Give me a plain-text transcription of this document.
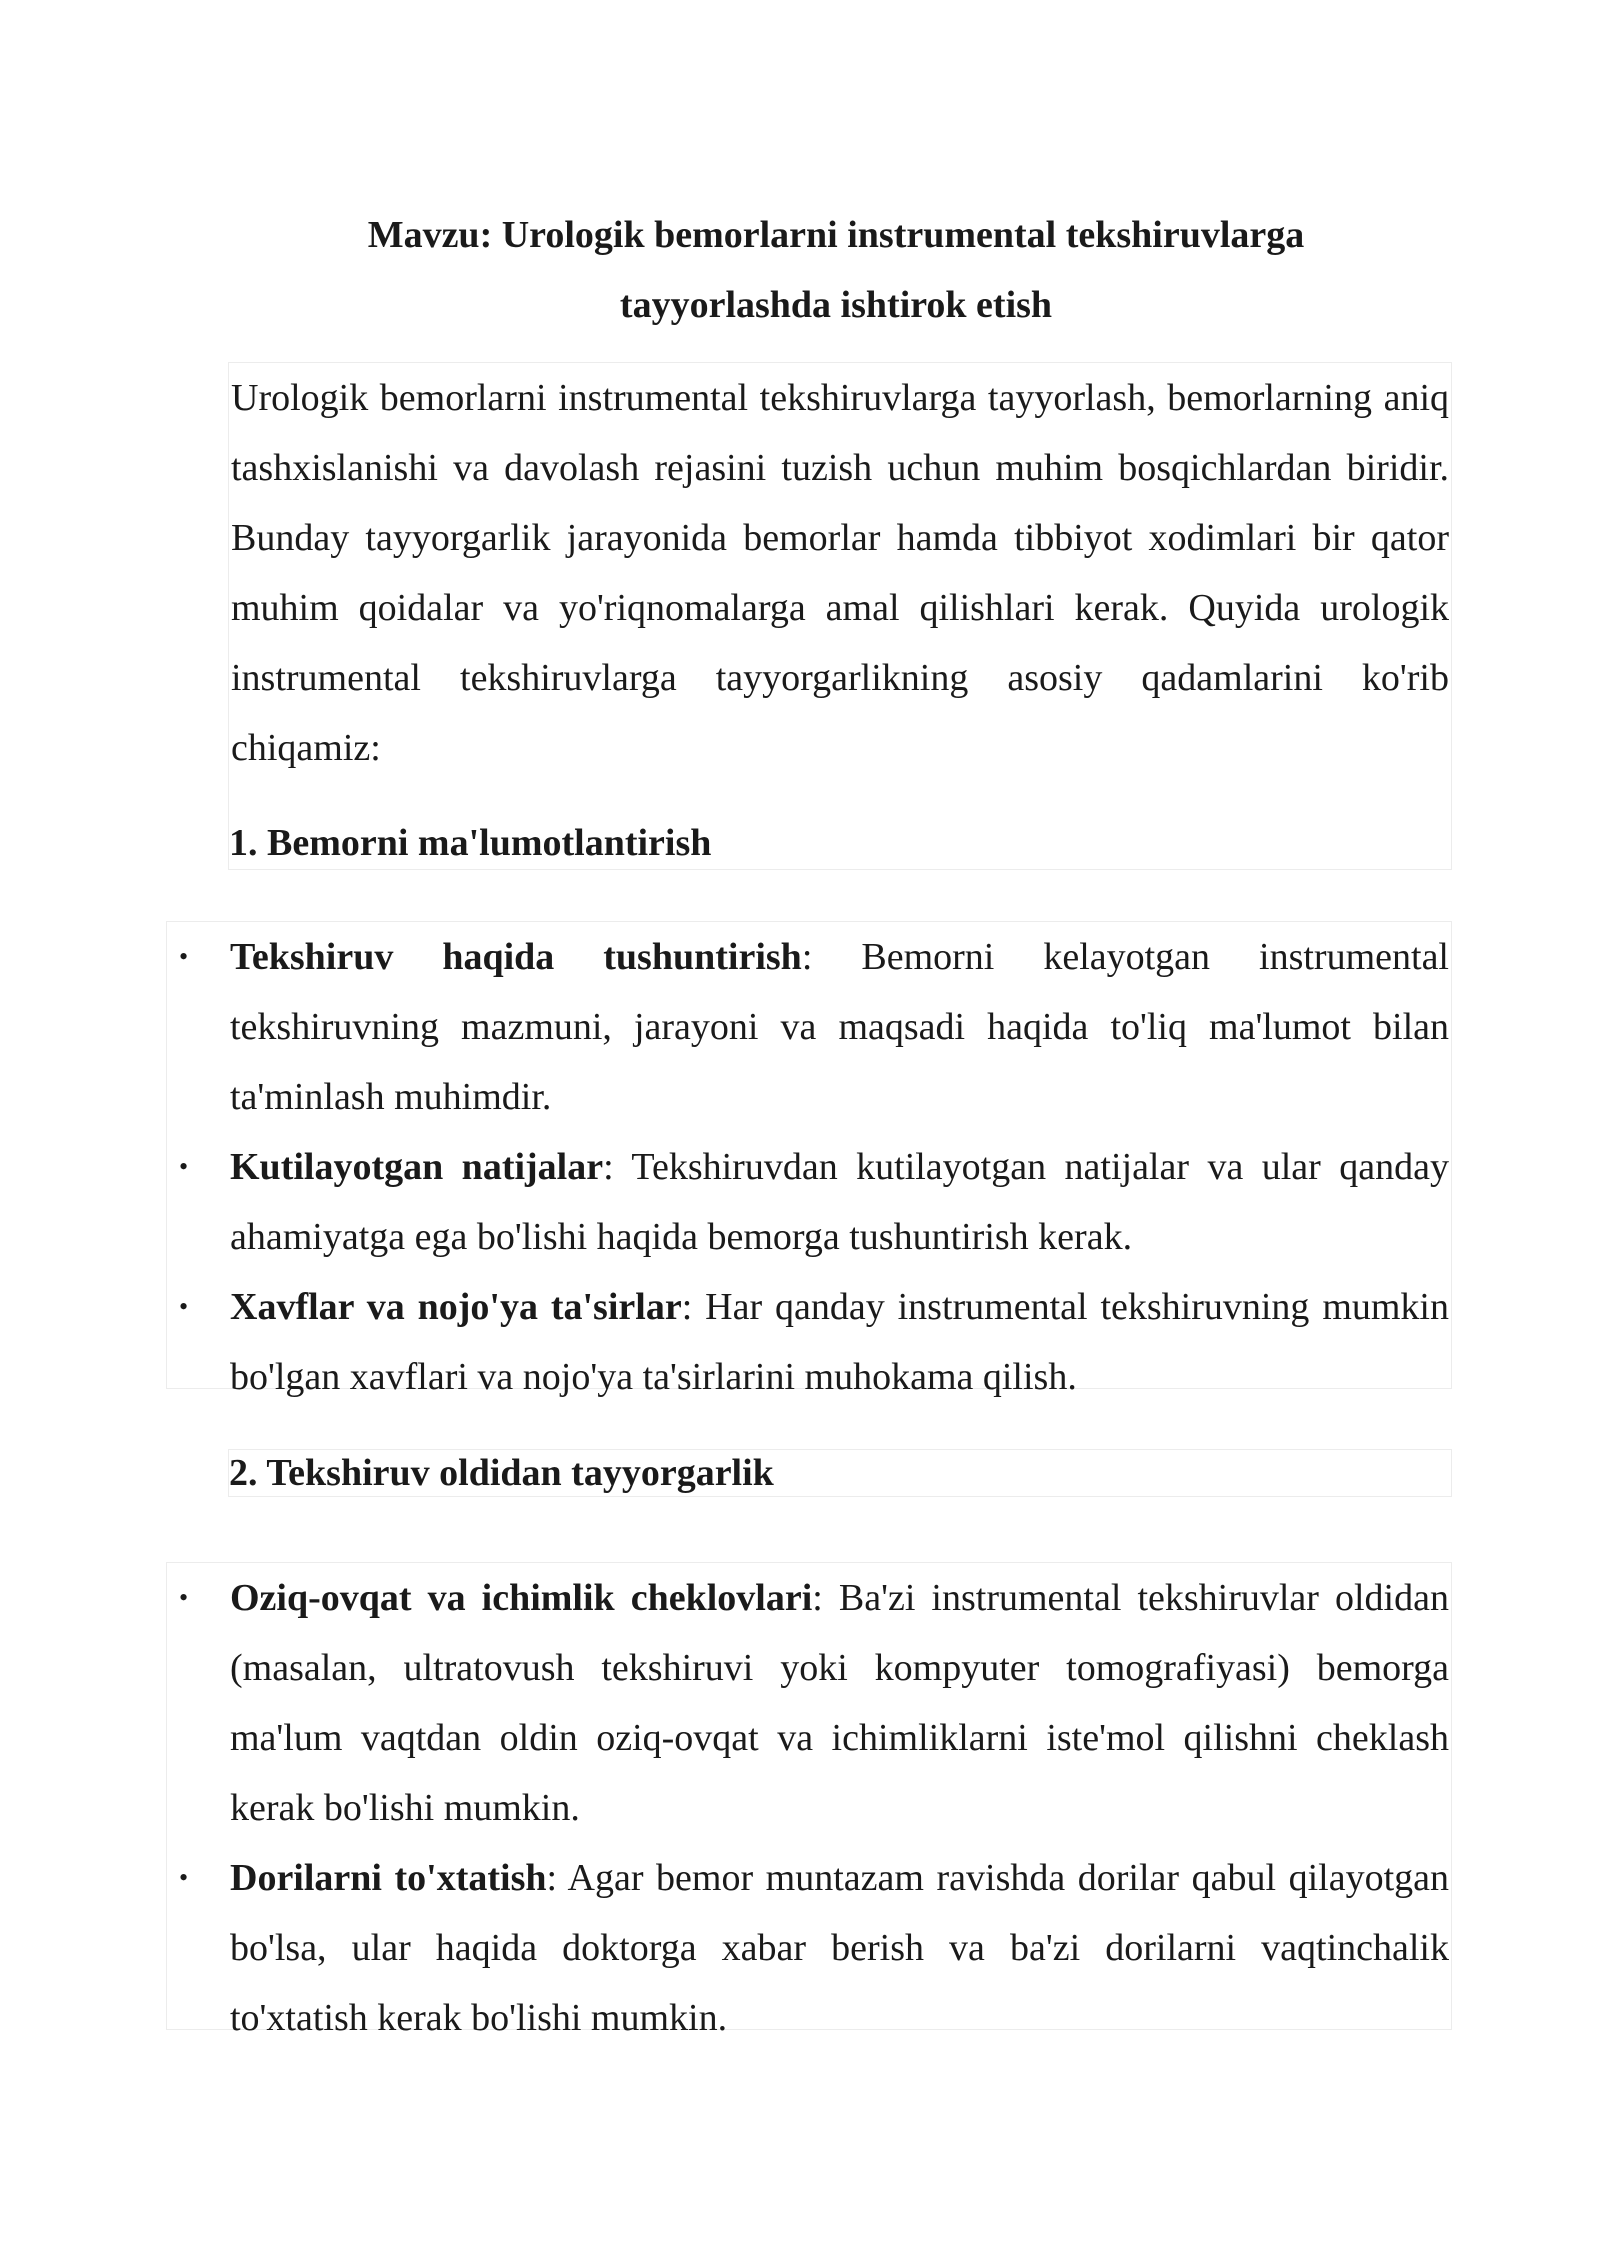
Mavzu: Urologik bemorlarni instrumental tekshiruvlarga
tayyorlashda ishtirok etish

Urologik bemorlarni instrumental tekshiruvlarga tayyorlash, bemorlarning aniq tashxislanishi va davolash rejasini tuzish uchun muhim bosqichlardan biridir. Bunday tayyorgarlik jarayonida bemorlar hamda tibbiyot xodimlari bir qator muhim qoidalar va yo'riqnomalarga amal qilishlari kerak. Quyida urologik instrumental tekshiruvlarga tayyorgarlikning asosiy qadamlarini ko'rib chiqamiz:

1. Bemorni ma'lumotlantirish

• Tekshiruv haqida tushuntirish: Bemorni kelayotgan instrumental tekshiruvning mazmuni, jarayoni va maqsadi haqida to'liq ma'lumot bilan ta'minlash muhimdir.
• Kutilayotgan natijalar: Tekshiruvdan kutilayotgan natijalar va ular qanday ahamiyatga ega bo'lishi haqida bemorga tushuntirish kerak.
• Xavflar va nojo'ya ta'sirlar: Har qanday instrumental tekshiruvning mumkin bo'lgan xavflari va nojo'ya ta'sirlarini muhokama qilish.

2. Tekshiruv oldidan tayyorgarlik

• Oziq-ovqat va ichimlik cheklovlari: Ba'zi instrumental tekshiruvlar oldidan (masalan, ultratovush tekshiruvi yoki kompyuter tomografiyasi) bemorga ma'lum vaqtdan oldin oziq-ovqat va ichimliklarni iste'mol qilishni cheklash kerak bo'lishi mumkin.
• Dorilarni to'xtatish: Agar bemor muntazam ravishda dorilar qabul qilayotgan bo'lsa, ular haqida doktorga xabar berish va ba'zi dorilarni vaqtinchalik to'xtatish kerak bo'lishi mumkin.
